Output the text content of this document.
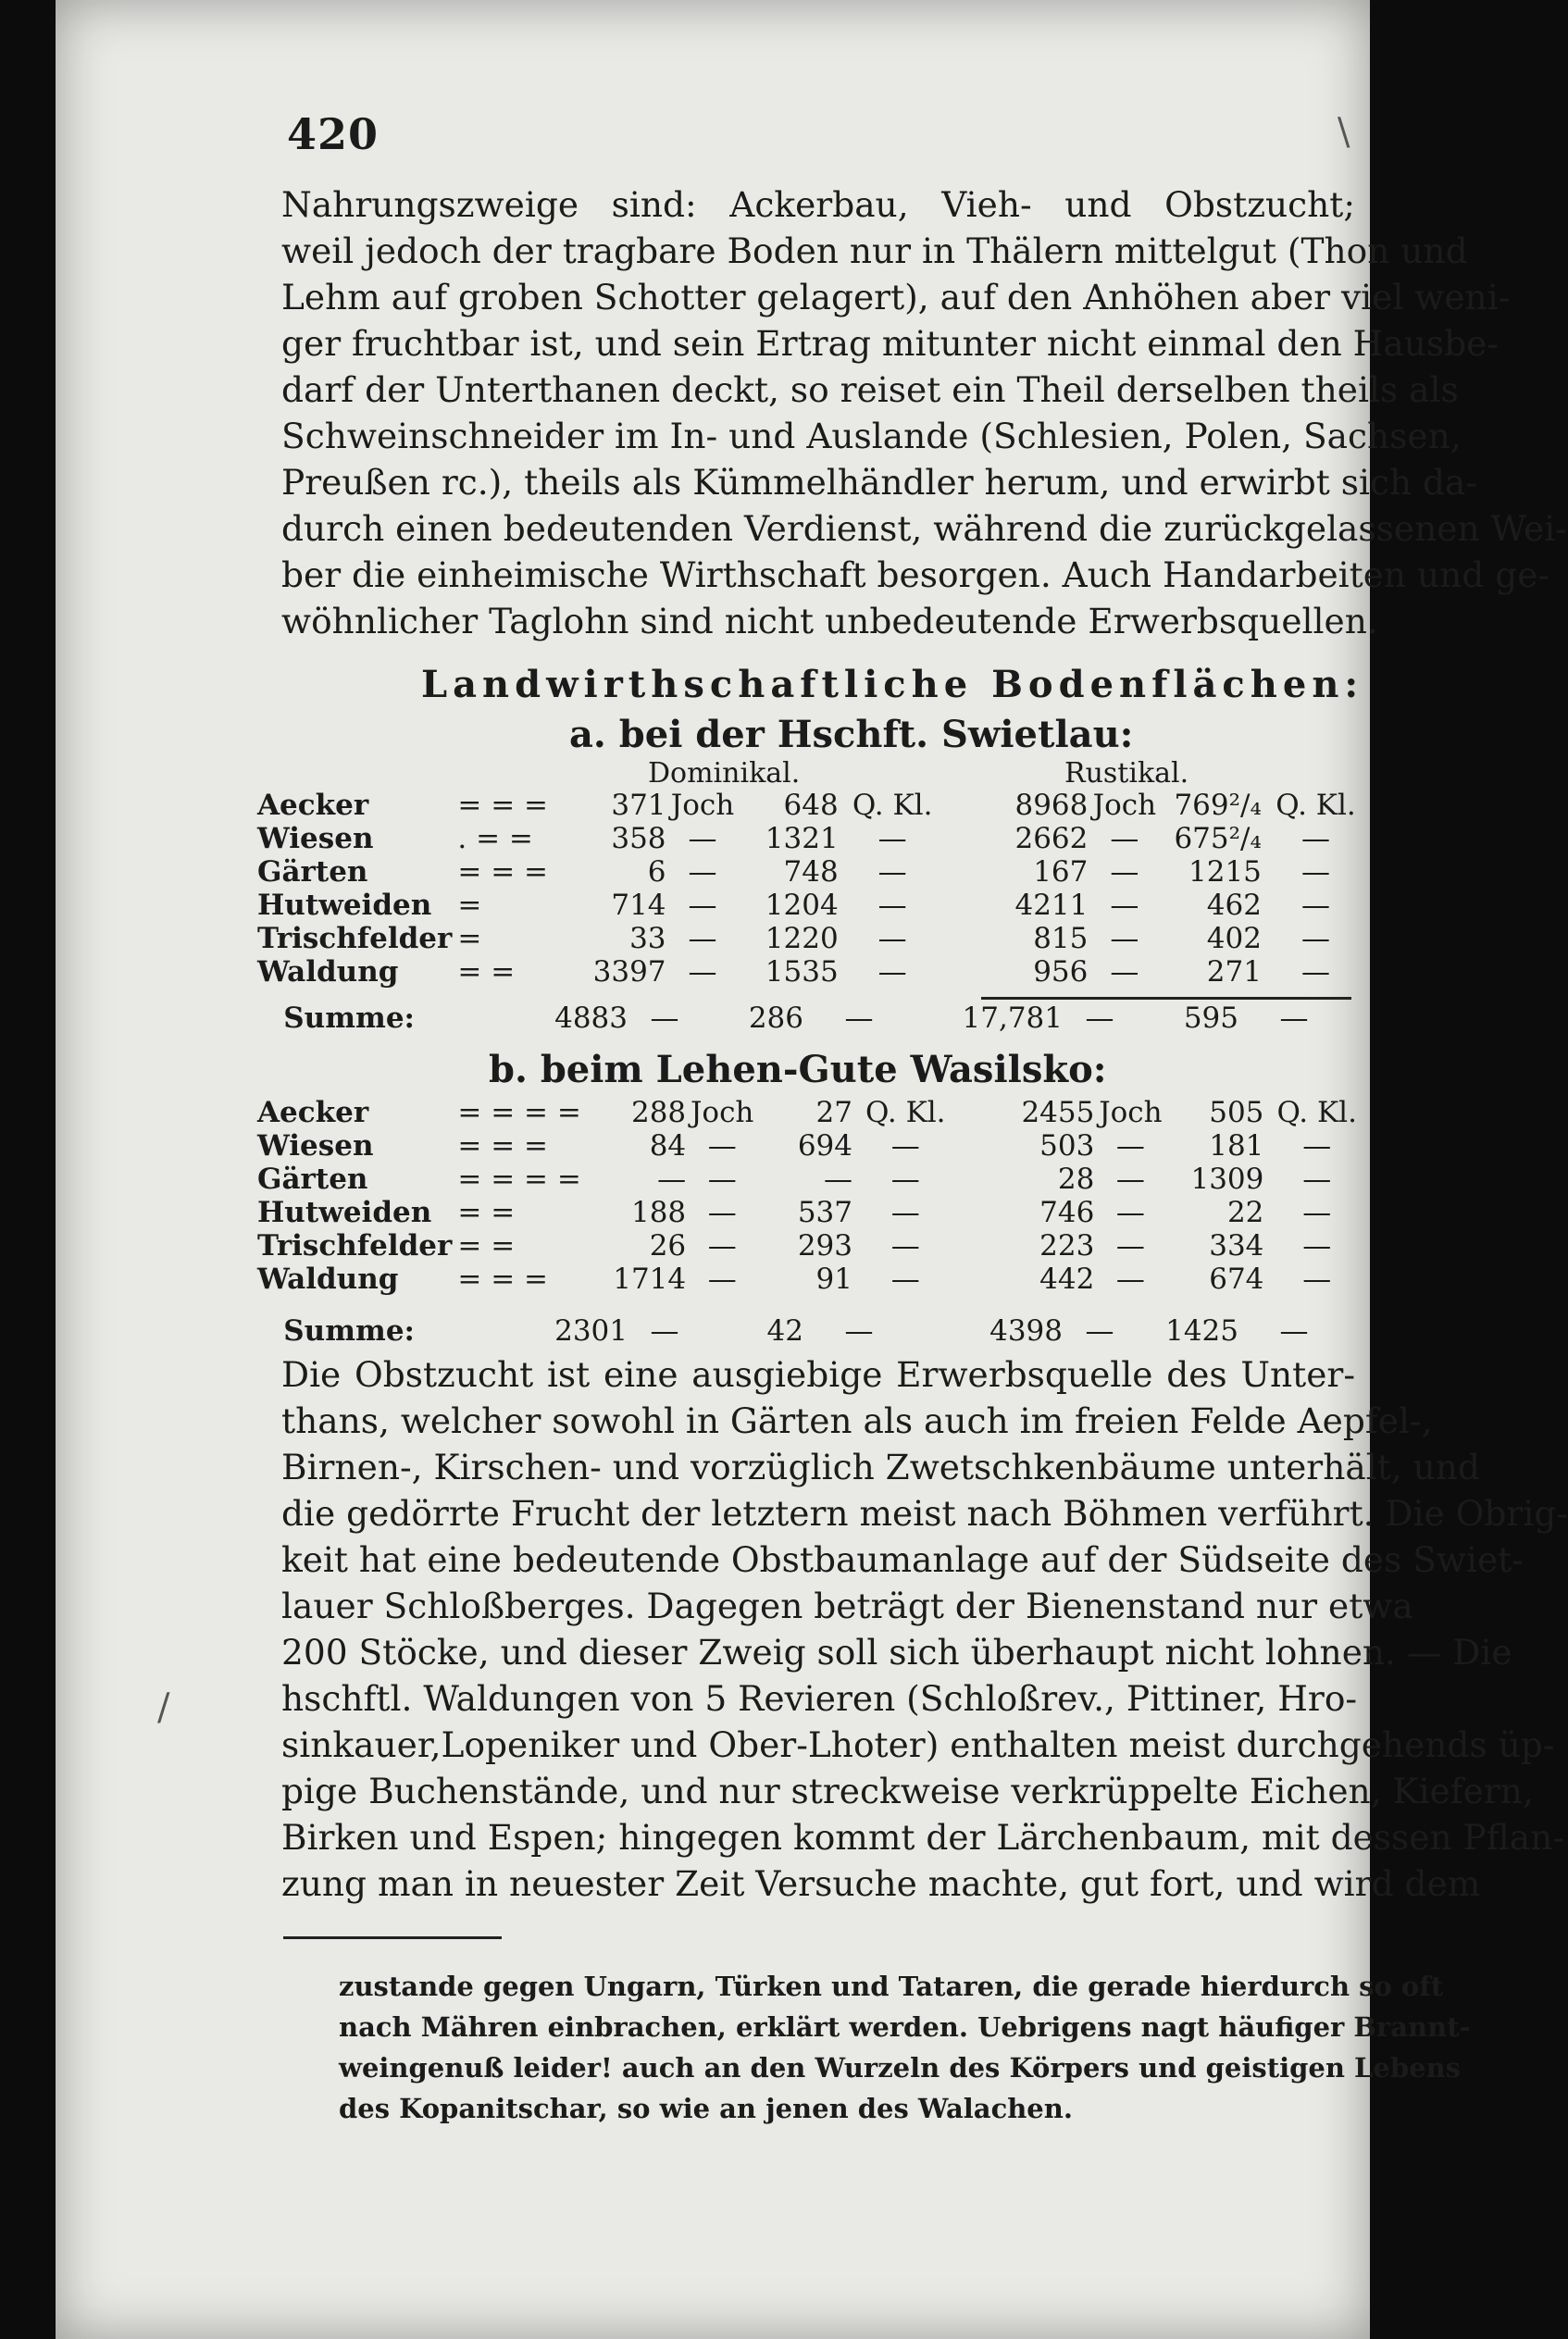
420	\
/
Nahrungszweige sind: Ackerbau, Vieh- und Obstzucht;
weil jedoch der tragbare Boden nur in Thälern mittelgut (Thon und
Lehm auf groben Schotter gelagert), auf den Anhöhen aber viel weni-
ger fruchtbar ist, und sein Ertrag mitunter nicht einmal den Hausbe-
darf der Unterthanen deckt, so reiset ein Theil derselben theils als
Schweinschneider im In- und Auslande (Schlesien, Polen, Sachsen,
Preußen rc.), theils als Kümmelhändler herum, und erwirbt sich da-
durch einen bedeutenden Verdienst, während die zurückgelassenen Wei-
ber die einheimische Wirthschaft besorgen. Auch Handarbeiten und ge-
wöhnlicher Taglohn sind nicht unbedeutende Erwerbsquellen.
Landwirthschaftliche Bodenflächen:
a. bei der Hschft. Swietlau:
Dominikal.	Rustikal.
Aecker	= = =	371	Joch	648	Q. Kl.	8968	Joch	769²/₄	Q. Kl.
Wiesen	. = =	358	—	1321	—	2662	—	675²/₄	—
Gärten	= = =	6	—	748	—	167	—	1215	—
Hutweiden	=	714	—	1204	—	4211	—	462	—
Trischfelder	=	33	—	1220	—	815	—	402	—
Waldung	= =	3397	—	1535	—	956	—	271	—
Summe:		4883	—	286	—	17,781	—	595	—
b. beim Lehen-Gute Wasilsko:
Aecker	= = = =	288	Joch	27	Q. Kl.	2455	Joch	505	Q. Kl.
Wiesen	= = =	84	—	694	—	503	—	181	—
Gärten	= = = =	—	—	—	—	28	—	1309	—
Hutweiden	= =	188	—	537	—	746	—	22	—
Trischfelder	= =	26	—	293	—	223	—	334	—
Waldung	= = =	1714	—	91	—	442	—	674	—
Summe:		2301	—	42	—	4398	—	1425	—
Die Obstzucht ist eine ausgiebige Erwerbsquelle des Unter-
thans, welcher sowohl in Gärten als auch im freien Felde Aepfel-,
Birnen-, Kirschen- und vorzüglich Zwetschkenbäume unterhält, und
die gedörrte Frucht der letztern meist nach Böhmen verführt. Die Obrig-
keit hat eine bedeutende Obstbaumanlage auf der Südseite des Swiet-
lauer Schloßberges. Dagegen beträgt der Bienenstand nur etwa
200 Stöcke, und dieser Zweig soll sich überhaupt nicht lohnen. — Die
hschftl. Waldungen von 5 Revieren (Schloßrev., Pittiner, Hro-
sinkauer,Lopeniker und Ober-Lhoter) enthalten meist durchgehends üp-
pige Buchenstände, und nur streckweise verkrüppelte Eichen, Kiefern,
Birken und Espen; hingegen kommt der Lärchenbaum, mit dessen Pflan-
zung man in neuester Zeit Versuche machte, gut fort, und wird dem
zustande gegen Ungarn, Türken und Tataren, die gerade hierdurch so oft
nach Mähren einbrachen, erklärt werden. Uebrigens nagt häufiger Brannt-
weingenuß leider! auch an den Wurzeln des Körpers und geistigen Lebens
des Kopanitschar, so wie an jenen des Walachen.
